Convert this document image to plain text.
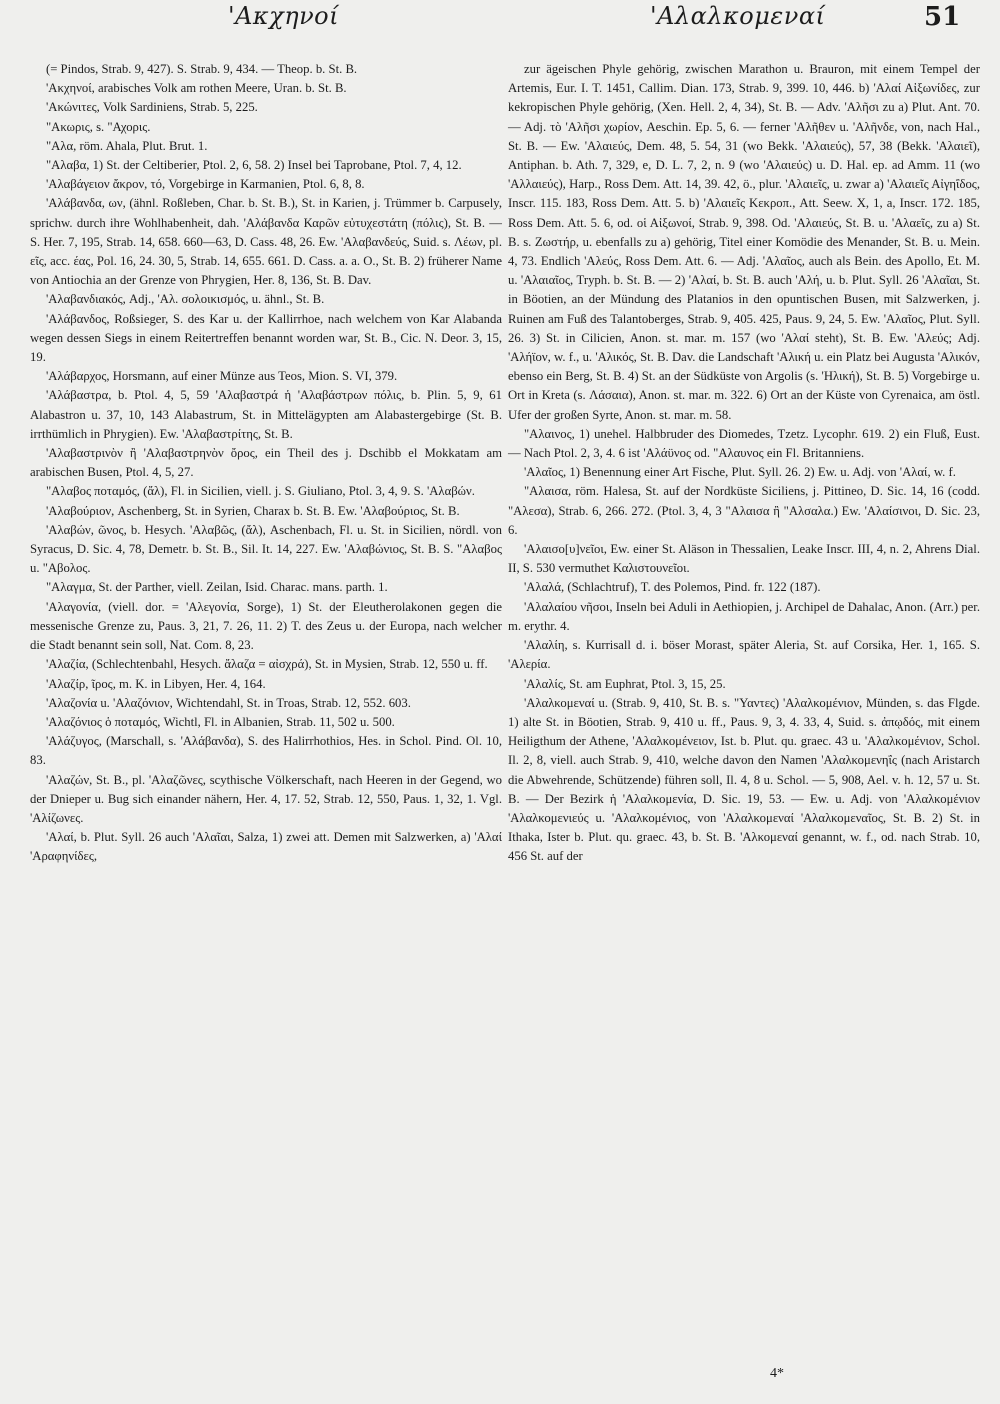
'Ακχηνοί	'Αλαλκομεναί	51

(= Pindos, Strab. 9, 427). S. Strab. 9, 434. — Theop. b. St. B.

'Ακχηνοί, arabisches Volk am rothen Meere, Uran. b. St. B.

'Ακώνιτες, Volk Sardiniens, Strab. 5, 225.

"Ακωρις, s. "Αχορις.

"Αλα, röm. Ahala, Plut. Brut. 1.

"Αλαβα, 1) St. der Celtiberier, Ptol. 2, 6, 58. 2) Insel bei Taprobane, Ptol. 7, 4, 12.

'Αλαβάγειον ἄκρον, τό, Vorgebirge in Karmanien, Ptol. 6, 8, 8.

'Αλάβανδα, ων, (ähnl. Roßleben, Char. b. St. B.), St. in Karien, j. Trümmer b. Carpusely, sprichw. durch ihre Wohlhabenheit, dah. 'Αλάβανδα Καρῶν εὐτυχεστάτη (πόλις), St. B. — S. Her. 7, 195, Strab. 14, 658. 660—63, D. Cass. 48, 26. Ew. 'Αλαβανδεύς, Suid. s. Λέων, pl. εῖς, acc. έας, Pol. 16, 24. 30, 5, Strab. 14, 655. 661. D. Cass. a. a. O., St. B. 2) früherer Name von Antiochia an der Grenze von Phrygien, Her. 8, 136, St. B. Dav.

'Αλαβανδιακός, Adj., 'Αλ. σολοικισμός, u. ähnl., St. B.

'Αλάβανδος, Roßsieger, S. des Kar u. der Kallirrhoe, nach welchem von Kar Alabanda wegen dessen Siegs in einem Reitertreffen benannt worden war, St. B., Cic. N. Deor. 3, 15, 19.

'Αλάβαρχος, Horsmann, auf einer Münze aus Teos, Mion. S. VI, 379.

'Αλάβαστρα, b. Ptol. 4, 5, 59 'Αλαβαστρά ἡ 'Αλαβάστρων πόλις, b. Plin. 5, 9, 61 Alabastron u. 37, 10, 143 Alabastrum, St. in Mittelägypten am Alabastergebirge (St. B. irrthümlich in Phrygien). Ew. 'Αλαβαστρίτης, St. B.

'Αλαβαστρινὸν ἢ 'Αλαβαστρηνὸν ὄρος, ein Theil des j. Dschibb el Mokkatam am arabischen Busen, Ptol. 4, 5, 27.

"Αλαβος ποταμός, (ἄλ), Fl. in Sicilien, viell. j. S. Giuliano, Ptol. 3, 4, 9. S. 'Αλαβών.

'Αλαβούριον, Aschenberg, St. in Syrien, Charax b. St. B. Ew. 'Αλαβούριος, St. B.

'Αλαβών, ῶνος, b. Hesych. 'Αλαβῶς, (ἄλ), Aschenbach, Fl. u. St. in Sicilien, nördl. von Syracus, D. Sic. 4, 78, Demetr. b. St. B., Sil. It. 14, 227. Ew. 'Αλαβώνιος, St. B. S. "Αλαβος u. "Αβολος.

"Αλαγμα, St. der Parther, viell. Zeilan, Isid. Charac. mans. parth. 1.

'Αλαγονία, (viell. dor. = 'Αλεγονία, Sorge), 1) St. der Eleutherolakonen gegen die messenische Grenze zu, Paus. 3, 21, 7. 26, 11. 2) T. des Zeus u. der Europa, nach welcher die Stadt benannt sein soll, Nat. Com. 8, 23.

'Αλαζία, (Schlechtenbahl, Hesych. ἄλαζα = αἰσχρά), St. in Mysien, Strab. 12, 550 u. ff.

'Αλαζίρ, ῖρος, m. K. in Libyen, Her. 4, 164.

'Αλαζονία u. 'Αλαζόνιον, Wichtendahl, St. in Troas, Strab. 12, 552. 603.

'Αλαζόνιος ὁ ποταμός, Wichtl, Fl. in Albanien, Strab. 11, 502 u. 500.

'Αλάζυγος, (Marschall, s. 'Αλάβανδα), S. des Halirrhothios, Hes. in Schol. Pind. Ol. 10, 83.

'Αλαζών, St. B., pl. 'Αλαζῶνες, scythische Völkerschaft, nach Heeren in der Gegend, wo der Dnieper u. Bug sich einander nähern, Her. 4, 17. 52, Strab. 12, 550, Paus. 1, 32, 1. Vgl. 'Αλίζωνες.

'Αλαί, b. Plut. Syll. 26 auch 'Αλαῖαι, Salza, 1) zwei att. Demen mit Salzwerken, a) 'Αλαί 'Αραφηνίδες,

zur ägeischen Phyle gehörig, zwischen Marathon u. Brauron, mit einem Tempel der Artemis, Eur. I. T. 1451, Callim. Dian. 173, Strab. 9, 399. 10, 446. b) 'Αλαί Αἰξωνίδες, zur kekropischen Phyle gehörig, (Xen. Hell. 2, 4, 34), St. B. — Adv. 'Αλῆσι zu a) Plut. Ant. 70. — Adj. τὸ 'Αλῆσι χωρίον, Aeschin. Ep. 5, 6. — ferner 'Αλῆθεν u. 'Αλῆνδε, von, nach Hal., St. B. — Ew. 'Αλαιεύς, Dem. 48, 5. 54, 31 (wo Bekk. 'Αλαιεύς), 57, 38 (Bekk. 'Αλαιεῖ), Antiphan. b. Ath. 7, 329, e, D. L. 7, 2, n. 9 (wo 'Αλαιεύς) u. D. Hal. ep. ad Amm. 11 (wo 'Αλλαιεύς), Harp., Ross Dem. Att. 14, 39. 42, ö., plur. 'Αλαιεῖς, u. zwar a) 'Αλαιεῖς Αἰγηΐδος, Inscr. 115. 183, Ross Dem. Att. 5. b) 'Αλαιεῖς Κεκροπ., Att. Seew. X, 1, a, Inscr. 172. 185, Ross Dem. Att. 5. 6, od. οἱ Αἰξωνοί, Strab. 9, 398. Od. 'Αλαιεύς, St. B. u. 'Αλαεῖς, zu a) St. B. s. Ζωστήρ, u. ebenfalls zu a) gehörig, Titel einer Komödie des Menander, St. B. u. Mein. 4, 73. Endlich 'Αλεύς, Ross Dem. Att. 6. — Adj. 'Αλαῖος, auch als Bein. des Apollo, Et. M. u. 'Αλαιαῖος, Tryph. b. St. B. — 2) 'Αλαί, b. St. B. auch 'Αλή, u. b. Plut. Syll. 26 'Αλαῖαι, St. in Böotien, an der Mündung des Platanios in den opuntischen Busen, mit Salzwerken, j. Ruinen am Fuß des Talantoberges, Strab. 9, 405. 425, Paus. 9, 24, 5. Ew. 'Αλαῖος, Plut. Syll. 26. 3) St. in Cilicien, Anon. st. mar. m. 157 (wo 'Αλαί steht), St. B. Ew. 'Αλεύς; Adj. 'Αλήϊον, w. f., u. 'Αλικός, St. B. Dav. die Landschaft 'Αλική u. ein Platz bei Augusta 'Αλικόν, ebenso ein Berg, St. B. 4) St. an der Südküste von Argolis (s. 'Ηλική), St. B. 5) Vorgebirge u. Ort in Kreta (s. Λάσαια), Anon. st. mar. m. 322. 6) Ort an der Küste von Cyrenaica, am östl. Ufer der großen Syrte, Anon. st. mar. m. 58.

"Αλαινος, 1) unehel. Halbbruder des Diomedes, Tzetz. Lycophr. 619. 2) ein Fluß, Eust. — Nach Ptol. 2, 3, 4. 6 ist 'Αλάϋνος od. "Αλαυνος ein Fl. Britanniens.

'Αλαῖος, 1) Benennung einer Art Fische, Plut. Syll. 26. 2) Ew. u. Adj. von 'Αλαί, w. f.

"Αλαισα, röm. Halesa, St. auf der Nordküste Siciliens, j. Pittineo, D. Sic. 14, 16 (codd. "Αλεσα), Strab. 6, 266. 272. (Ptol. 3, 4, 3 "Αλαισα ἢ "Αλσαλα.) Ew. 'Αλαίσινοι, D. Sic. 23, 6.

'Αλαισο[υ]νεῖοι, Ew. einer St. Aläson in Thessalien, Leake Inscr. III, 4, n. 2, Ahrens Dial. II, S. 530 vermuthet Καλιστουνεῖοι.

'Αλαλά, (Schlachtruf), T. des Polemos, Pind. fr. 122 (187).

'Αλαλαίου νῆσοι, Inseln bei Aduli in Aethiopien, j. Archipel de Dahalac, Anon. (Arr.) per. m. erythr. 4.

'Αλαλίη, s. Kurrisall d. i. böser Morast, später Aleria, St. auf Corsika, Her. 1, 165. S. 'Αλερία.

'Αλαλίς, St. am Euphrat, Ptol. 3, 15, 25.

'Αλαλκομεναί u. (Strab. 9, 410, St. B. s. "Υαντες) 'Αλαλκομένιον, Münden, s. das Flgde. 1) alte St. in Böotien, Strab. 9, 410 u. ff., Paus. 9, 3, 4. 33, 4, Suid. s. ἀπῳδός, mit einem Heiligthum der Athene, 'Αλαλκομένειον, Ist. b. Plut. qu. graec. 43 u. 'Αλαλκομένιον, Schol. Il. 2, 8, viell. auch Strab. 9, 410, welche davon den Namen 'Αλαλκομενηΐς (nach Aristarch die Abwehrende, Schützende) führen soll, Il. 4, 8 u. Schol. — 5, 908, Ael. v. h. 12, 57 u. St. B. — Der Bezirk ἡ 'Αλαλκομενία, D. Sic. 19, 53. — Ew. u. Adj. von 'Αλαλκομένιον 'Αλαλκομενιεύς u. 'Αλαλκομένιος, von 'Αλαλκομεναί 'Αλαλκομεναῖος, St. B. 2) St. in Ithaka, Ister b. Plut. qu. graec. 43, b. St. B. 'Αλκομεναί genannt, w. f., od. nach Strab. 10, 456 St. auf der

4*
